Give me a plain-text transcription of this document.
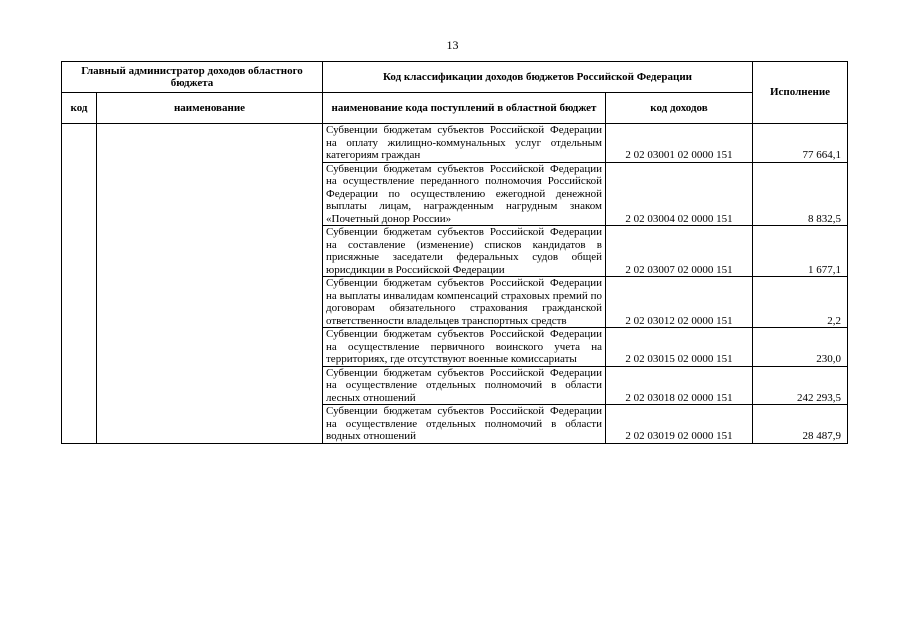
13
Главный администратор доходов областного бюджета		Код классификации доходов бюджетов Российской Федерации		Исполнение
код	наименование	наименование кода поступлений в областной бюджет	код доходов	
		Субвенции бюджетам субъектов Российской Федерации на оплату жилищно-коммунальных услуг отдельным категориям граждан	2 02 03001 02 0000 151	77 664,1
		Субвенции бюджетам субъектов Российской Федерации на осуществление переданного полномочия Российской Федерации по осуществлению ежегодной денежной выплаты лицам, награжденным нагрудным знаком «Почетный донор России»	2 02 03004 02 0000 151	8 832,5
		Субвенции бюджетам субъектов Российской Федерации на составление (изменение) списков кандидатов в присяжные заседатели федеральных судов общей юрисдикции в Российской Федерации	2 02 03007 02 0000 151	1 677,1
		Субвенции бюджетам субъектов Российской Федерации на выплаты инвалидам компенсаций страховых премий по договорам обязательного страхования гражданской ответственности владельцев транспортных средств	2 02 03012 02 0000 151	2,2
		Субвенции бюджетам субъектов Российской Федерации на осуществление первичного воинского учета на территориях, где отсутствуют военные комиссариаты	2 02 03015 02 0000 151	230,0
		Субвенции бюджетам субъектов Российской Федерации на осуществление отдельных полномочий в области лесных отношений	2 02 03018 02 0000 151	242 293,5
		Субвенции бюджетам субъектов Российской Федерации на осуществление отдельных полномочий в области водных отношений	2 02 03019 02 0000 151	28 487,9
